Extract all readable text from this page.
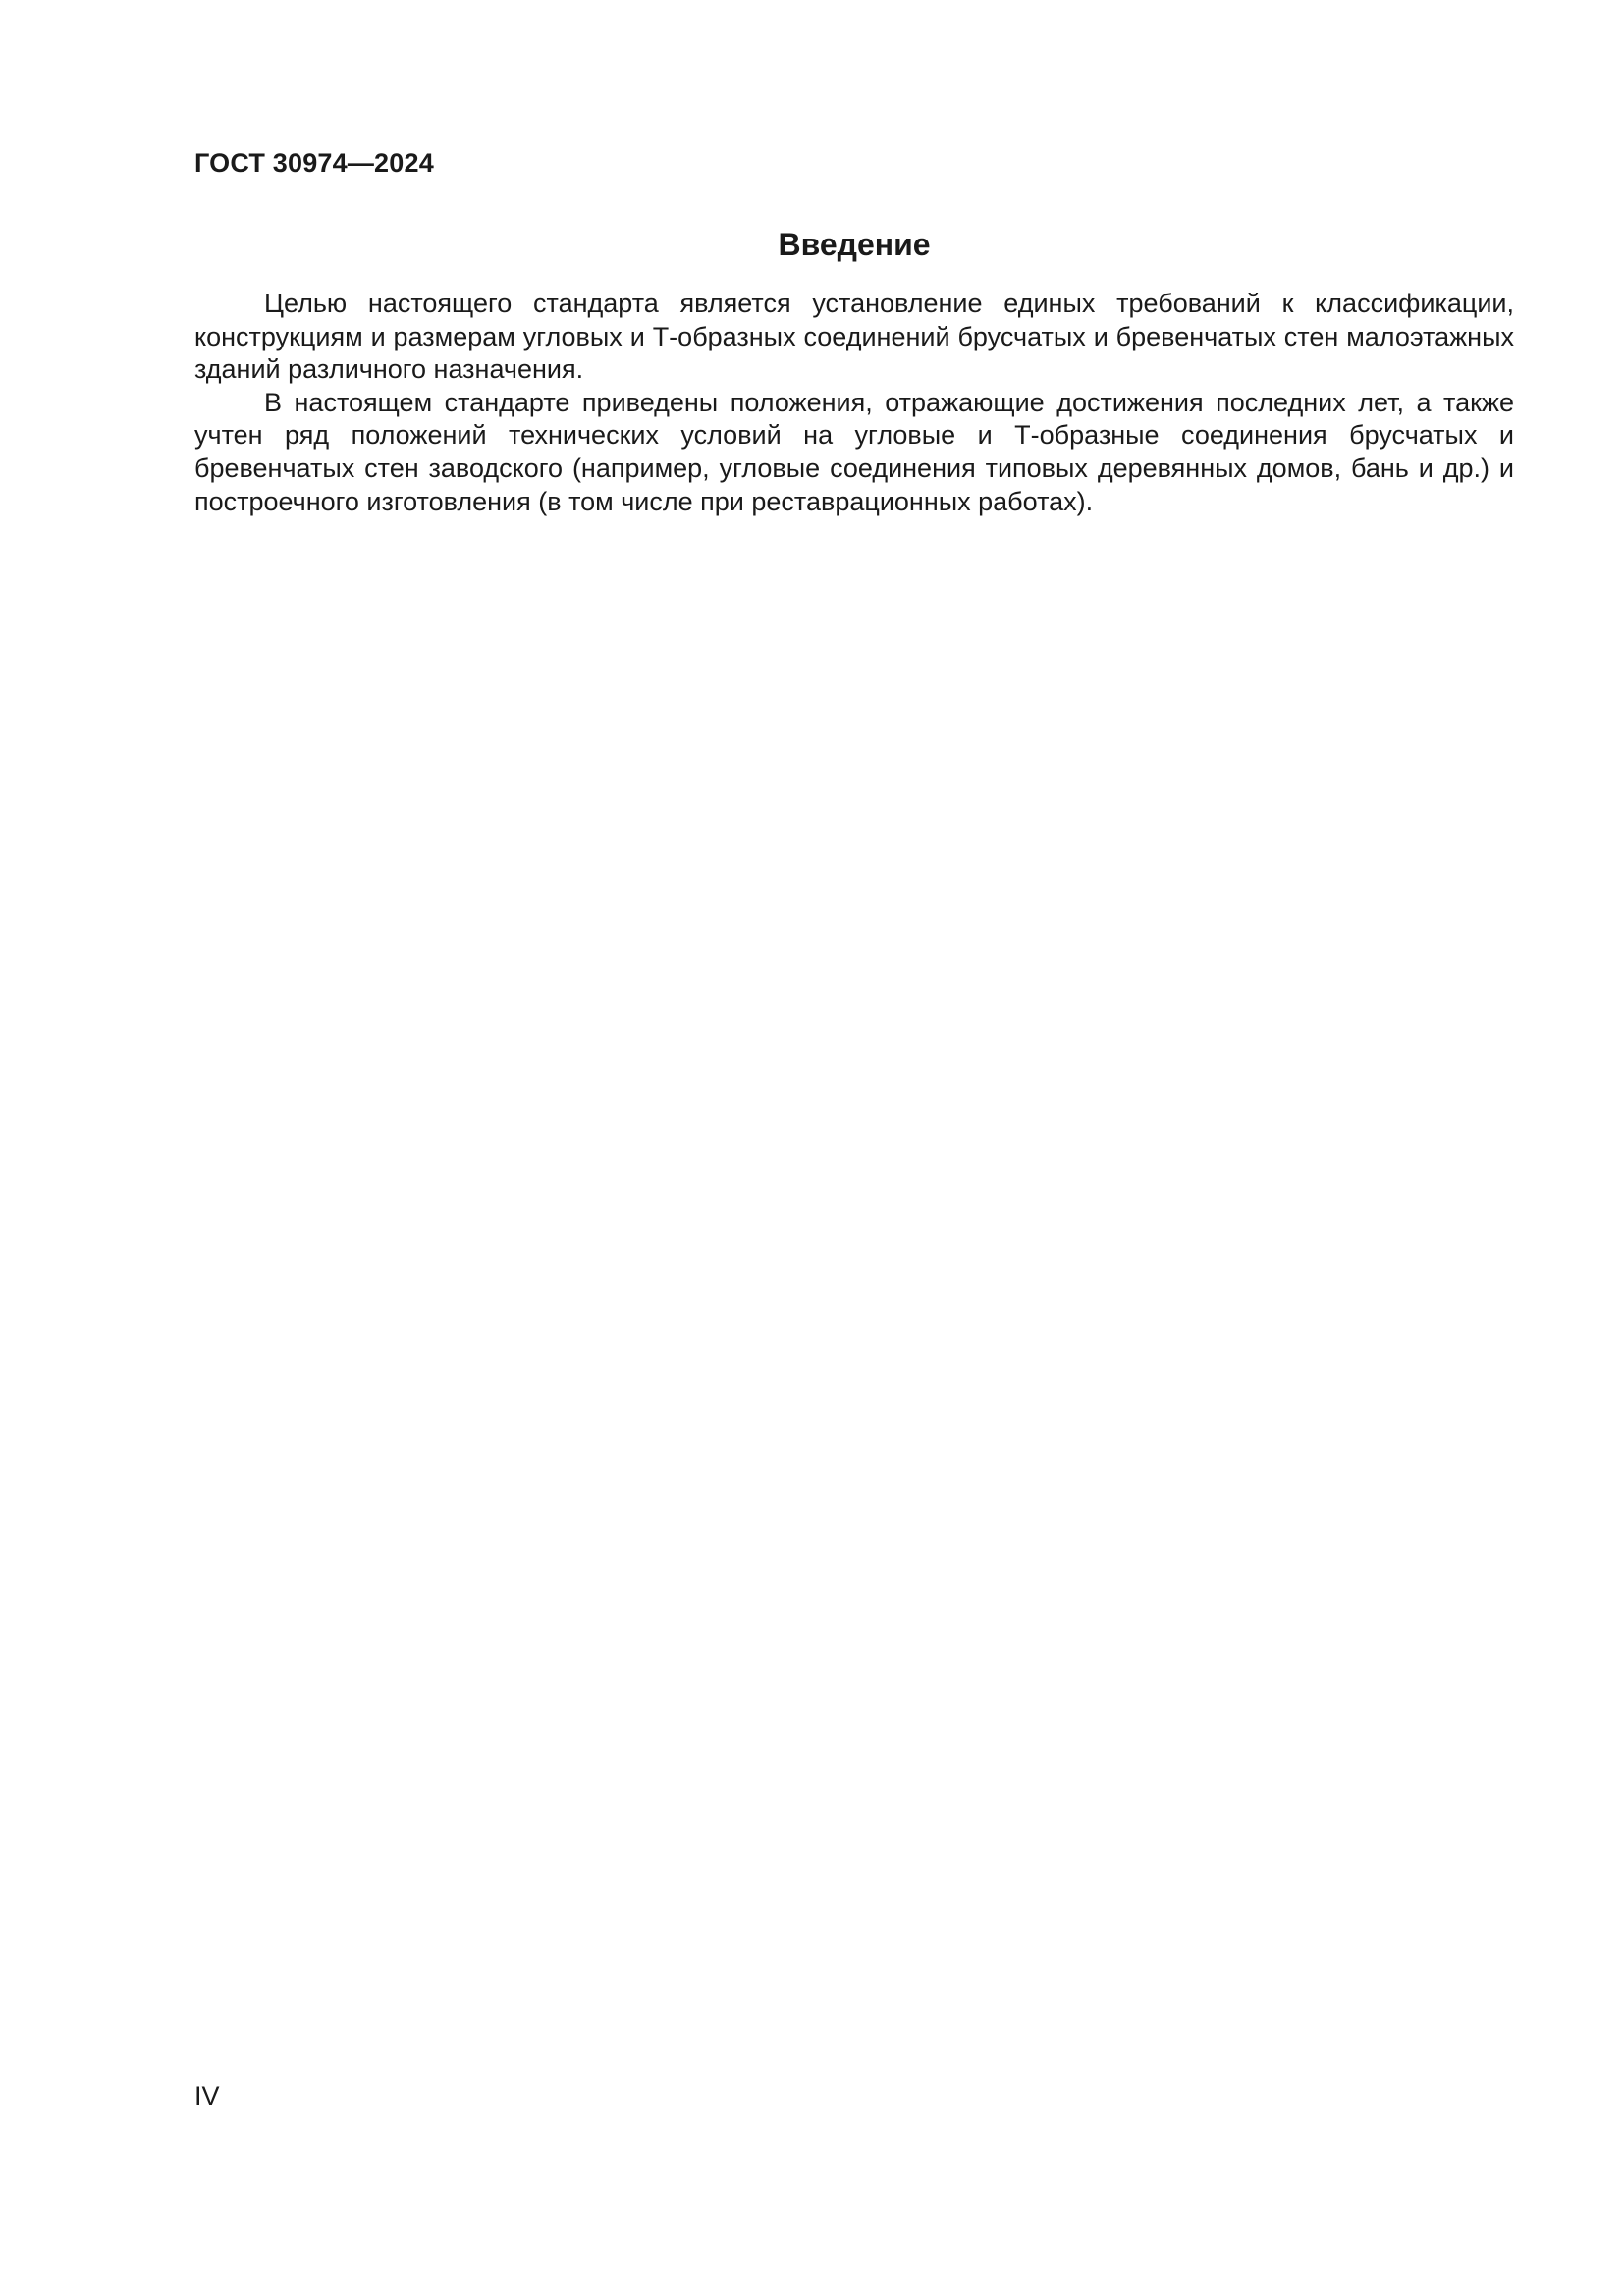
ГОСТ 30974—2024
Введение

Целью настоящего стандарта является установление единых требований к классификации, конструкциям и размерам угловых и Т-образных соединений брусчатых и бревенчатых стен малоэтажных зданий различного назначения.

В настоящем стандарте приведены положения, отражающие достижения последних лет, а также учтен ряд положений технических условий на угловые и Т-образные соединения брусчатых и бревенчатых стен заводского (например, угловые соединения типовых деревянных домов, бань и др.) и построечного изготовления (в том числе при реставрационных работах).

IV
